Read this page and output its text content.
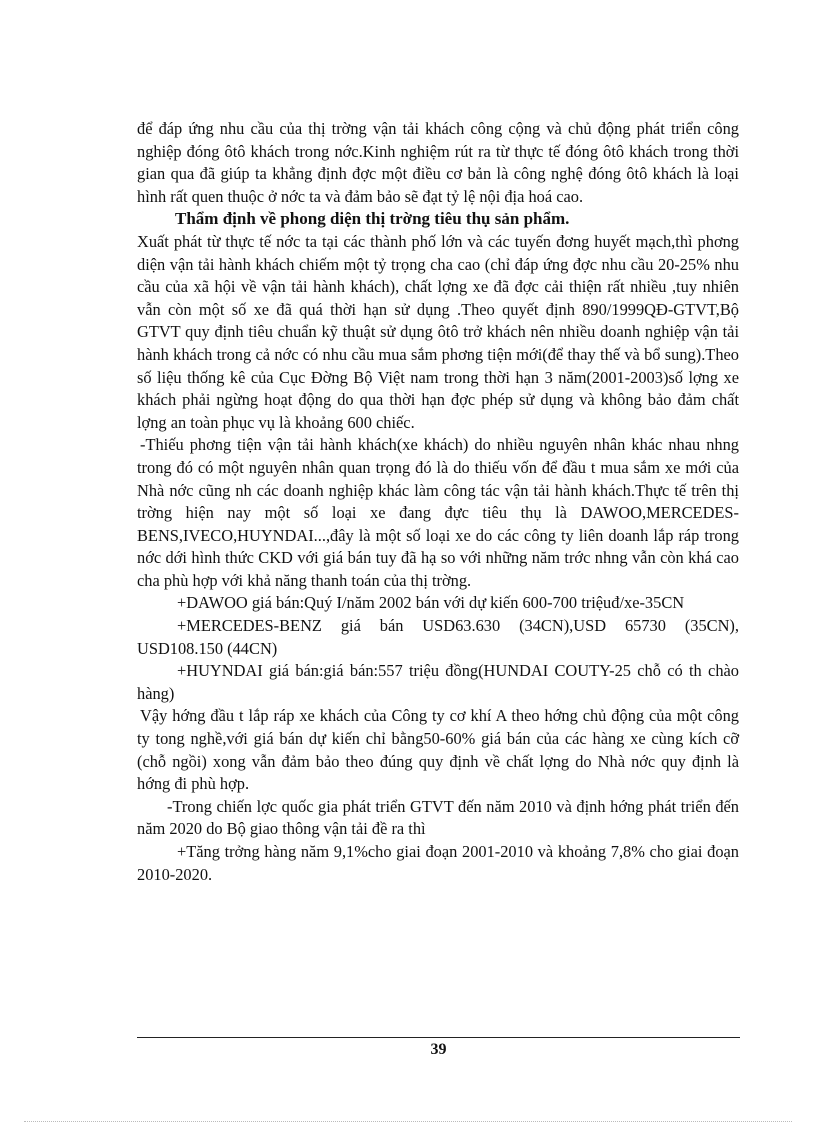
để đáp ứng nhu cầu của thị trờng vận tải khách công cộng và chủ động phát triển công nghiệp đóng ôtô khách trong nớc.Kinh nghiệm rút ra từ thực tế đóng ôtô khách trong thời gian qua đã giúp ta khẳng định đợc một điều cơ bản là công nghệ đóng ôtô khách là loại hình rất quen thuộc ở nớc ta và đảm bảo sẽ đạt tỷ lệ nội địa hoá cao.

Thẩm định về phong diện thị trờng tiêu thụ sản phẩm.

Xuất phát từ thực tế nớc ta tại các thành phố lớn và các tuyến đơng huyết mạch,thì phơng diện vận tải hành khách chiếm một tỷ trọng cha cao (chỉ đáp ứng đợc nhu cầu 20-25% nhu cầu của xã hội về vận tải hành khách), chất lợng xe đã đợc cải thiện rất nhiều ,tuy nhiên vẫn còn một số xe đã quá thời hạn sử dụng .Theo quyết định 890/1999QĐ-GTVT,Bộ GTVT quy định tiêu chuẩn kỹ thuật sử dụng ôtô trở khách nên nhiều doanh nghiệp vận tải hành khách trong cả nớc có nhu cầu mua sắm phơng tiện mới(để thay thế và bổ sung).Theo số liệu thống kê của Cục Đờng Bộ Việt nam trong thời hạn 3 năm(2001-2003)số lợng xe khách phải ngừng hoạt động do qua thời hạn đợc phép sử dụng và không bảo đảm chất lợng an toàn phục vụ là khoảng 600 chiếc.

-Thiếu phơng tiện vận tải hành khách(xe khách) do nhiều nguyên nhân khác nhau nhng trong đó có một nguyên nhân quan trọng đó là do thiếu vốn để đầu t mua sắm xe mới của Nhà nớc cũng nh các doanh nghiệp khác làm công tác vận tải hành khách.Thực tế trên thị trờng hiện nay một số loại xe đang đực tiêu thụ là DAWOO,MERCEDES-BENS,IVECO,HUYNDAI...,đây là một số loại xe do các công ty liên doanh lắp ráp trong nớc dới hình thức CKD với giá bán tuy đã hạ so với những năm trớc nhng vẫn còn khá cao cha phù hợp với khả năng thanh toán của thị trờng.

+DAWOO giá bán:Quý I/năm 2002 bán với dự kiến 600-700 triệuđ/xe-35CN

+MERCEDES-BENZ giá bán USD63.630 (34CN),USD 65730 (35CN), USD108.150 (44CN)

+HUYNDAI giá bán:giá bán:557 triệu đồng(HUNDAI COUTY-25 chỗ có th chào hàng)

Vậy hớng đầu t lắp ráp xe khách của Công ty cơ khí A theo hớng chủ động của một công ty tong nghề,với giá bán dự kiến chỉ bằng50-60% giá bán của các hàng xe cùng kích cỡ (chỗ ngồi) xong vẫn đảm bảo theo đúng quy định về chất lợng do Nhà nớc quy định là hớng đi phù hợp.

-Trong chiến lợc quốc gia phát triển GTVT đến năm 2010 và định hớng phát triển đến năm 2020 do Bộ giao thông vận tải đề ra thì

+Tăng trởng hàng năm 9,1%cho giai đoạn 2001-2010 và khoảng 7,8% cho giai đoạn 2010-2020.

39
